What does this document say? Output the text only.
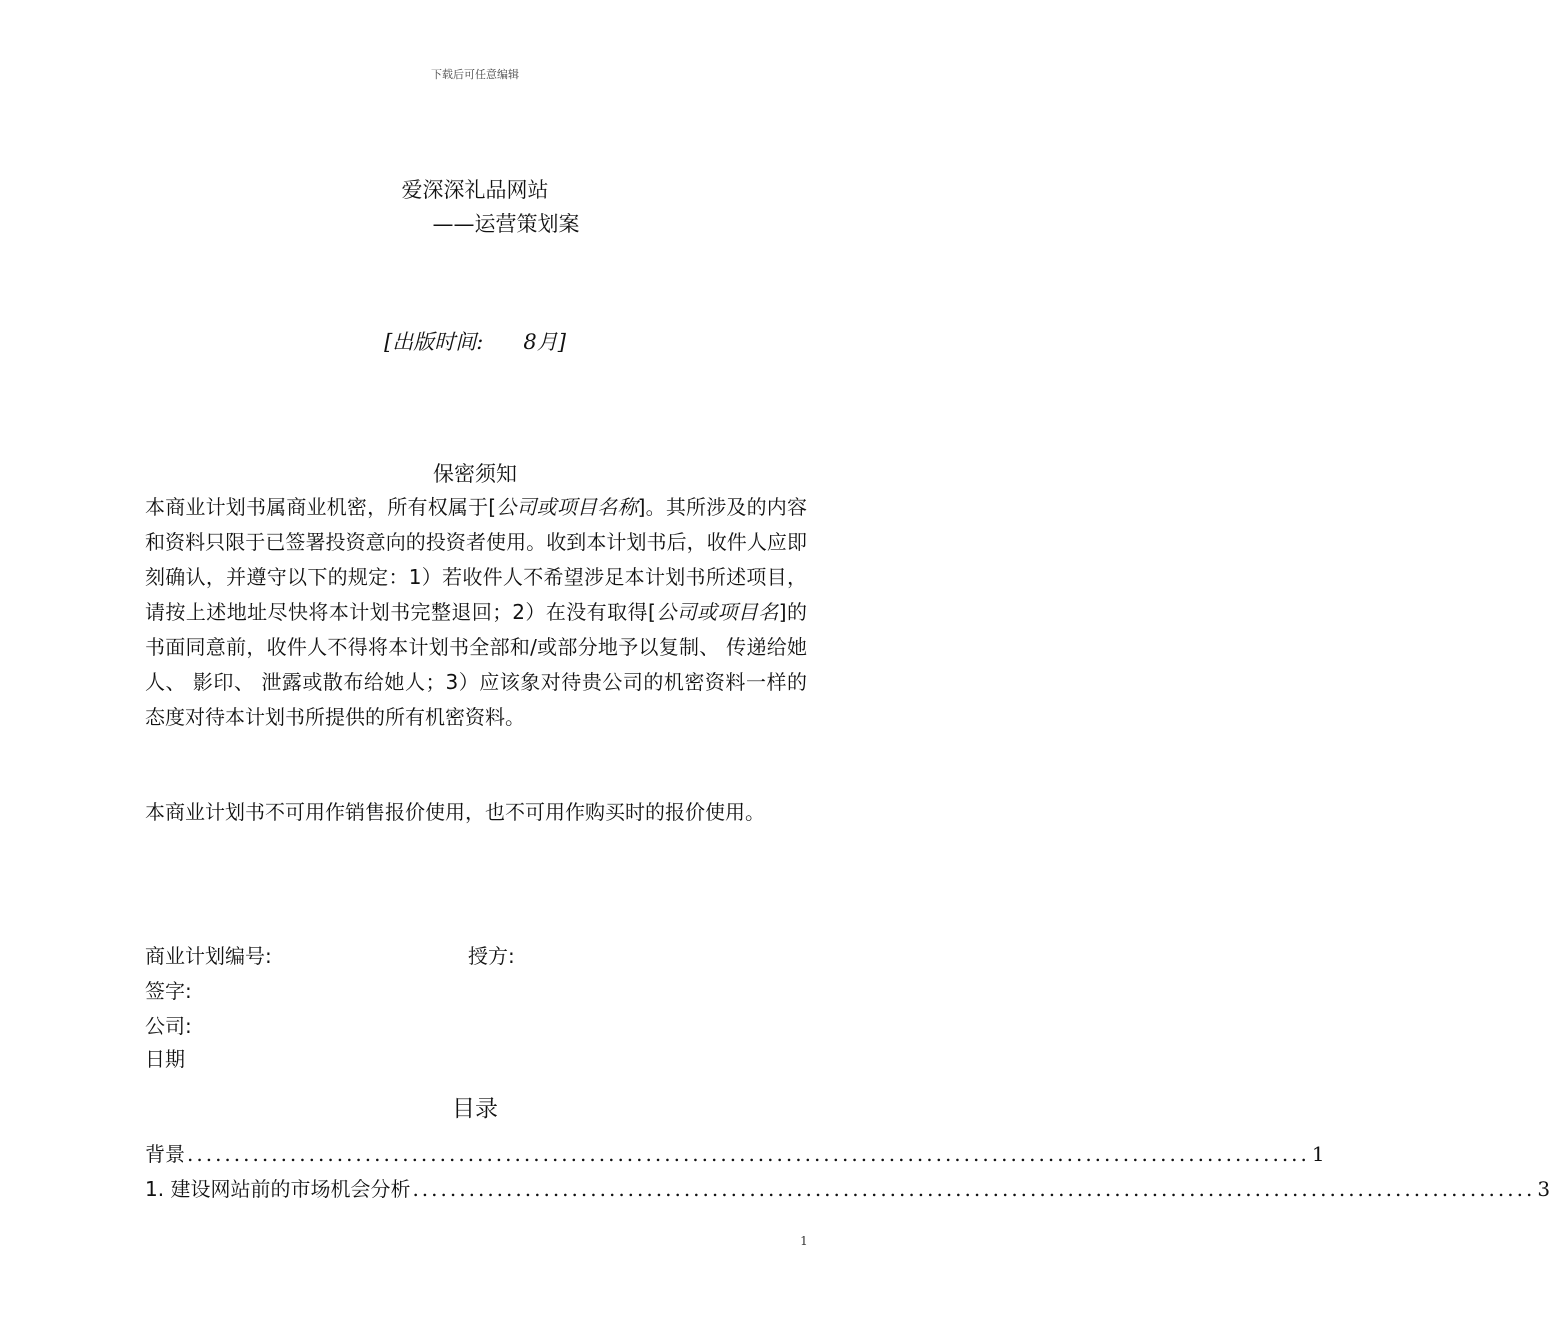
下载后可任意编辑
爱深深礼品网站
——运营策划案
[出版时间: 8月]
保密须知

本商业计划书属商业机密，所有权属于[公司或项目名称]。其所涉及的内容和资料只限于已签署投资意向的投资者使用。收到本计划书后，收件人应即刻确认，并遵守以下的规定：1）若收件人不希望涉足本计划书所述项目，请按上述地址尽快将本计划书完整退回；2）在没有取得[公司或项目名]的书面同意前，收件人不得将本计划书全部和/或部分地予以复制、 传递给她人、 影印、 泄露或散布给她人；3）应该象对待贵公司的机密资料一样的态度对待本计划书所提供的所有机密资料。

本商业计划书不可用作销售报价使用，也不可用作购买时的报价使用。

商业计划编号:	授方:
签字:
公司:
日期
目录
背景 ........................................................................................................................ 1
1. 建设网站前的市场机会分析 ........................................................................................................................ 3
1
